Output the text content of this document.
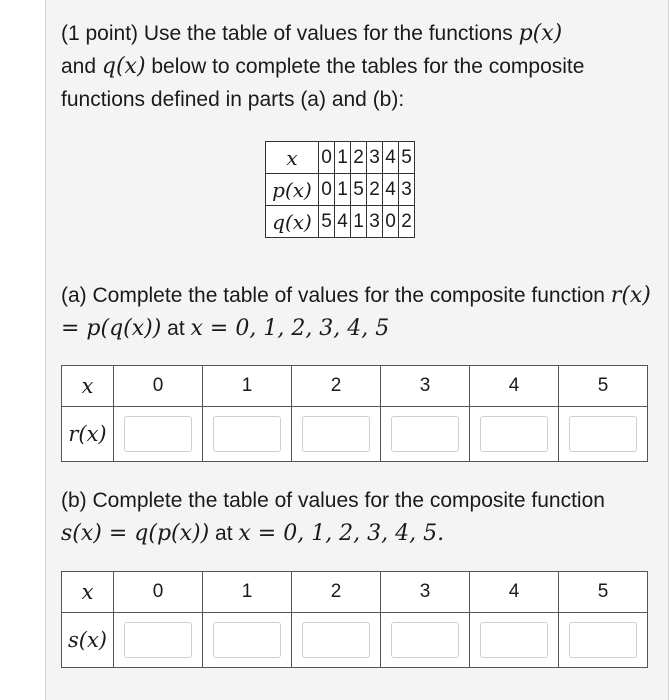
(1 point) Use the table of values for the functions p(x)
and q(x) below to complete the tables for the composite functions defined in parts (a) and (b):
x	0	1	2	3	4	5
p(x)	0	1	5	2	4	3
q(x)	5	4	1	3	0	2
(a) Complete the table of values for the composite function r(x) = p(q(x)) at x = 0, 1, 2, 3, 4, 5
x	0	1	2	3	4	5
r(x)	

(b) Complete the table of values for the composite function s(x) = q(p(x)) at x = 0, 1, 2, 3, 4, 5.
x	0	1	2	3	4	5
s(x)	
